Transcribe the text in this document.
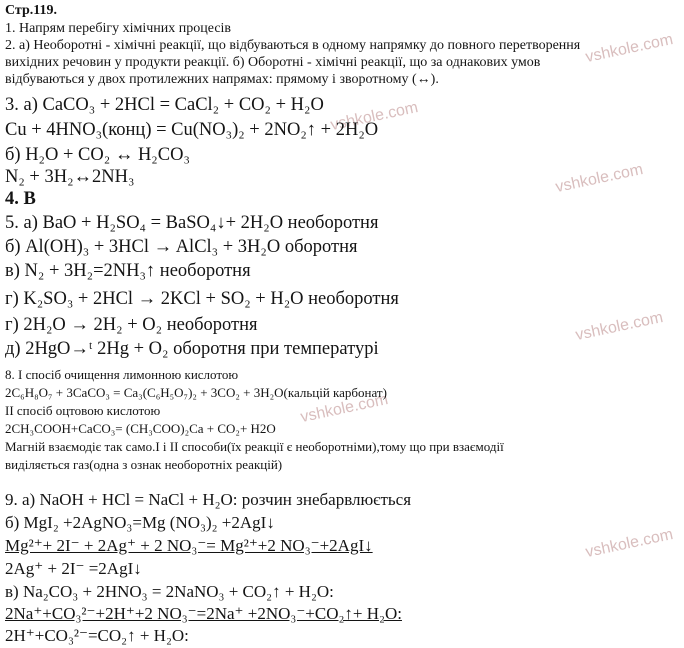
vshkole.com
vshkole.com
vshkole.com
vshkole.com
vshkole.com
vshkole.com
Стр.119.
1. Напрям перебігу хімічних процесів
2. а) Необоротні - хімічні реакції, що відбуваються в одному напрямку до повного перетворення
вихідних речовин у продукти реакції. б) Оборотні - хімічні реакції, що за однакових умов
відбуваються у двох протилежних напрямах: прямому і зворотному (↔).
3. а) CaCO₃ + 2HCl = CaCl₂ + CO₂ + H₂O
Cu + 4HNO₃(конц) = Cu(NO₃)₂ + 2NO₂↑ + 2H₂O
б) H₂O + CO₂ ↔ H₂CO₃
N₂ + 3H₂↔2NH₃
4. В
5. а) BaO + H₂SO₄ = BaSO₄↓+ 2H₂O необоротня
б) Al(OH)₃ + 3HCl → AlCl₃ + 3H₂O оборотня
в) N₂ + 3H₂=2NH₃↑ необоротня
г) K₂SO₃ + 2HCl → 2KCl + SO₂ + H₂O необоротня
г) 2H₂O → 2H₂ + O₂ необоротня
д) 2HgO→ᵗ 2Hg + O₂ оборотня при температурі
8. I спосіб очищення лимонною кислотою
2C₆H₈O₇ + 3CaCO₃ = Ca₃(C₆H₅O₇)₂ + 3CO₂ + 3H₂O(кальцій карбонат)
II спосіб оцтовою кислотою
2CH₃COOH+CaCO₃= (CH₃COO)₂Ca + CO₂+ H2O
Магній взаємодіє так само.I і II способи(їх реакції є необоротніми),тому що при взаємодії
виділяється газ(одна з ознак необоротніх реакцій)
9. а) NaOH + HCl = NaCl + H₂O: розчин знебарвлюється
б) MgI₂ +2AgNO₃=Mg (NO₃)₂ +2AgI↓
Mg²⁺+ 2I⁻ + 2Ag⁺ + 2 NO₃⁻= Mg²⁺+2 NO₃⁻+2AgI↓
2Ag⁺ + 2I⁻ =2AgI↓
в) Na₂CO₃ + 2HNO₃ = 2NaNO₃ + CO₂↑ + H₂O:
2Na⁺+CO₃²⁻+2H⁺+2 NO₃⁻=2Na⁺ +2NO₃⁻+CO₂↑+ H₂O:
2H⁺+CO₃²⁻=CO₂↑ + H₂O:
